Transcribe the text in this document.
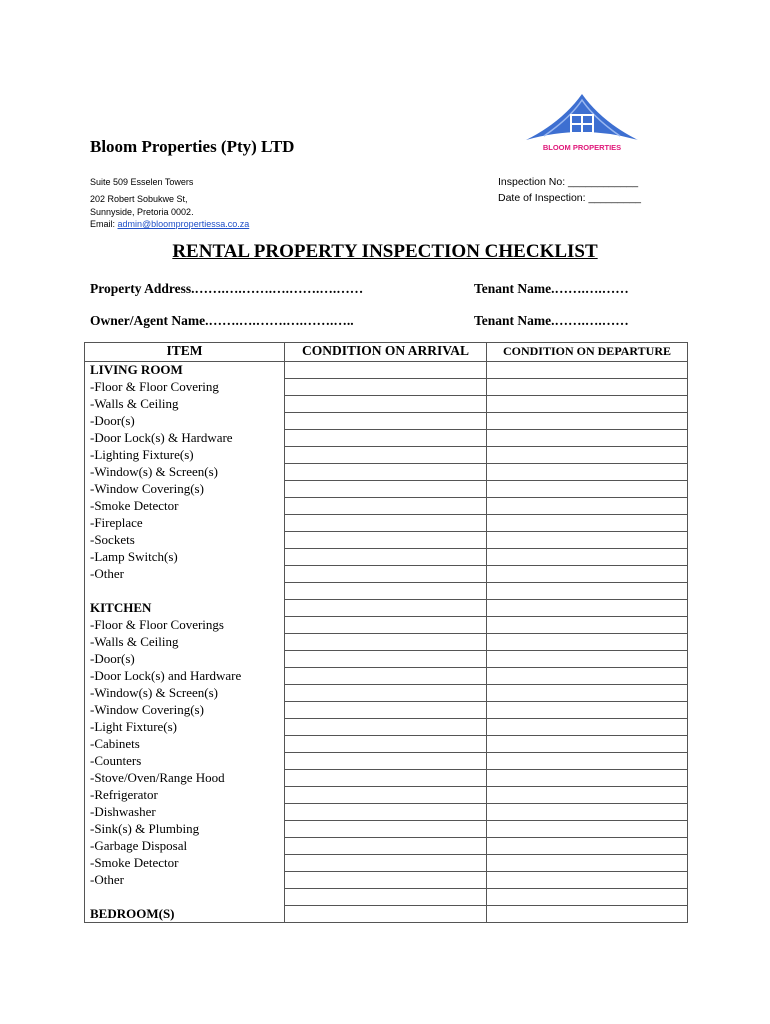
BLOOM PROPERTIES
Bloom Properties (Pty) LTD
Suite 509 Esselen Towers
202 Robert Sobukwe St,
Sunnyside, Pretoria 0002.
Email: admin@bloompropertiessa.co.za
Inspection No: ____________
Date of Inspection: _________
RENTAL PROPERTY INSPECTION CHECKLIST
Property Address.…….….…….….…….….……	Tenant Name.…….….……
Owner/Agent Name.…….….…….….…….…..	Tenant Name.…….….……
ITEM	CONDITION ON ARRIVAL	CONDITION ON DEPARTURE
LIVING ROOM		
-Floor & Floor Covering		
-Walls & Ceiling		
-Door(s)		
-Door Lock(s) & Hardware		
-Lighting Fixture(s)		
-Window(s) & Screen(s)		
-Window Covering(s)		
-Smoke Detector		
-Fireplace		
-Sockets		
-Lamp Switch(s)		
-Other		

KITCHEN		
-Floor & Floor Coverings		
-Walls & Ceiling		
-Door(s)		
-Door Lock(s) and Hardware		
-Window(s) & Screen(s)		
-Window Covering(s)		
-Light Fixture(s)		
-Cabinets		
-Counters		
-Stove/Oven/Range Hood		
-Refrigerator		
-Dishwasher		
-Sink(s) & Plumbing		
-Garbage Disposal		
-Smoke Detector		
-Other		

BEDROOM(S)		
